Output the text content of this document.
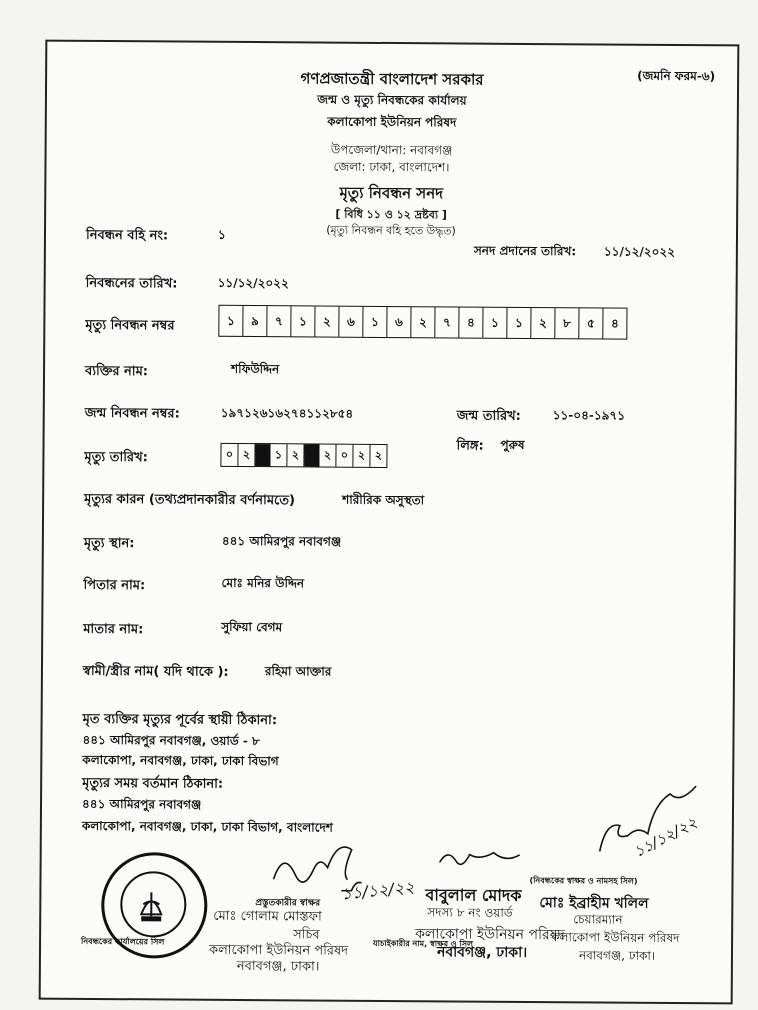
(জমনি ফরম-৬)
গণপ্রজাতন্ত্রী বাংলাদেশ সরকার
জন্ম ও মৃত্যু নিবন্ধকের কার্যালয়
কলাকোপা ইউনিয়ন পরিষদ
উপজেলা/থানা: নবাবগঞ্জ
জেলা: ঢাকা, বাংলাদেশ।
মৃত্যু নিবন্ধন সনদ
[ বিধি ১১ ও ১২ দ্রষ্টব্য ]
(মৃত্যু নিবন্ধন বহি হতে উদ্ধৃত)
নিবন্ধন বহি নং:	১
সনদ প্রদানের তারিখ: ১১/১২/২০২২
নিবন্ধনের তারিখ:	১১/১২/২০২২
মৃত্যু নিবন্ধন নম্বর	১	৯	৭	১	২	৬	১	৬	২	৭	৪	১	১	২	৮	৫	৪
ব্যক্তির নাম:	শফিউদ্দিন
জন্ম নিবন্ধন নম্বর:	১৯৭১২৬১৬২৭৪১১২৮৫৪	জন্ম তারিখ:	১১-০৪-১৯৭১
মৃত্যু তারিখ:	০ ২	১ ২	২ ০ ২ ২
লিঙ্গ: পুরুষ
মৃত্যুর কারন (তথ্যপ্রদানকারীর বর্ণনামতে)	শারীরিক অসুস্থতা
মৃত্যু স্থান:	৪৪১ আমিরপুর নবাবগঞ্জ
পিতার নাম:	মোঃ মনির উদ্দিন
মাতার নাম:	সুফিয়া বেগম
স্বামী/স্ত্রীর নাম( যদি থাকে ):	রহিমা আক্তার
মৃত ব্যক্তির মৃত্যুর পূর্বের স্থায়ী ঠিকানা:
৪৪১ আমিরপুর নবাবগঞ্জ, ওয়ার্ড - ৮
কলাকোপা, নবাবগঞ্জ, ঢাকা, ঢাকা বিভাগ
মৃত্যুর সময় বর্তমান ঠিকানা:
৪৪১ আমিরপুর নবাবগঞ্জ
কলাকোপা, নবাবগঞ্জ, ঢাকা, ঢাকা বিভাগ, বাংলাদেশ
১১/১২/২২
১১/১২/২২
প্রস্তুতকারীর স্বাক্ষর
মোঃ গোলাম মোস্তফা
সচিব
কলাকোপা ইউনিয়ন পরিষদ
নবাবগঞ্জ, ঢাকা।
নিবন্ধকের কার্যালয়ের সিল
বাবুলাল মোদক
সদস্য ৮ নং ওয়ার্ড
কলাকোপা ইউনিয়ন পরিষদ
নবাবগঞ্জ, ঢাকা।
যাচাইকারীর নাম, স্বাক্ষর ও সিল
(নিবন্ধকের স্বাক্ষর ও নামসহ সিল)
মোঃ ইব্রাহীম খলিল
চেয়ারম্যান
কলাকোপা ইউনিয়ন পরিষদ
নবাবগঞ্জ, ঢাকা।
